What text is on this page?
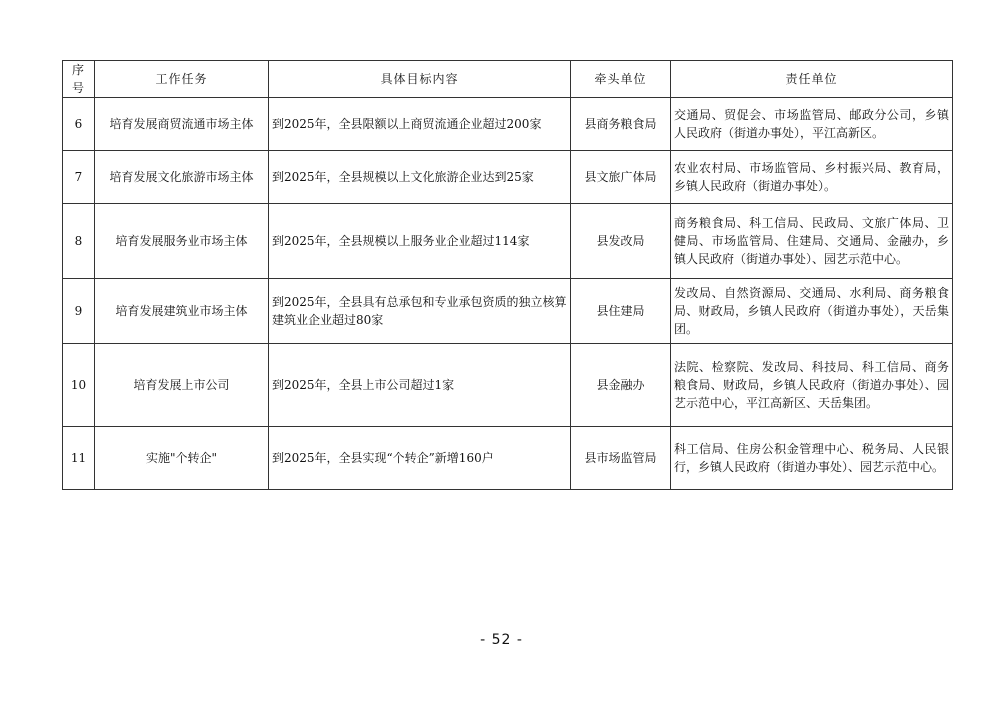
序号	工作任务	具体目标内容	牵头单位	责任单位
6	培育发展商贸流通市场主体	到2025年，全县限额以上商贸流通企业超过200家	县商务粮食局	交通局、贸促会、市场监管局、邮政分公司，乡镇人民政府（街道办事处），平江高新区。
7	培育发展文化旅游市场主体	到2025年，全县规模以上文化旅游企业达到25家	县文旅广体局	农业农村局、市场监管局、乡村振兴局、教育局，乡镇人民政府（街道办事处）。
8	培育发展服务业市场主体	到2025年，全县规模以上服务业企业超过114家	县发改局	商务粮食局、科工信局、民政局、文旅广体局、卫健局、市场监管局、住建局、交通局、金融办，乡镇人民政府（街道办事处）、园艺示范中心。
9	培育发展建筑业市场主体	到2025年，全县具有总承包和专业承包资质的独立核算建筑业企业超过80家	县住建局	发改局、自然资源局、交通局、水利局、商务粮食局、财政局，乡镇人民政府（街道办事处），天岳集团。
10	培育发展上市公司	到2025年，全县上市公司超过1家	县金融办	法院、检察院、发改局、科技局、科工信局、商务粮食局、财政局，乡镇人民政府（街道办事处）、园艺示范中心，平江高新区、天岳集团。
11	实施"个转企"	到2025年，全县实现“个转企”新增160户	县市场监管局	科工信局、住房公积金管理中心、税务局、人民银行，乡镇人民政府（街道办事处）、园艺示范中心。
- 52 -
